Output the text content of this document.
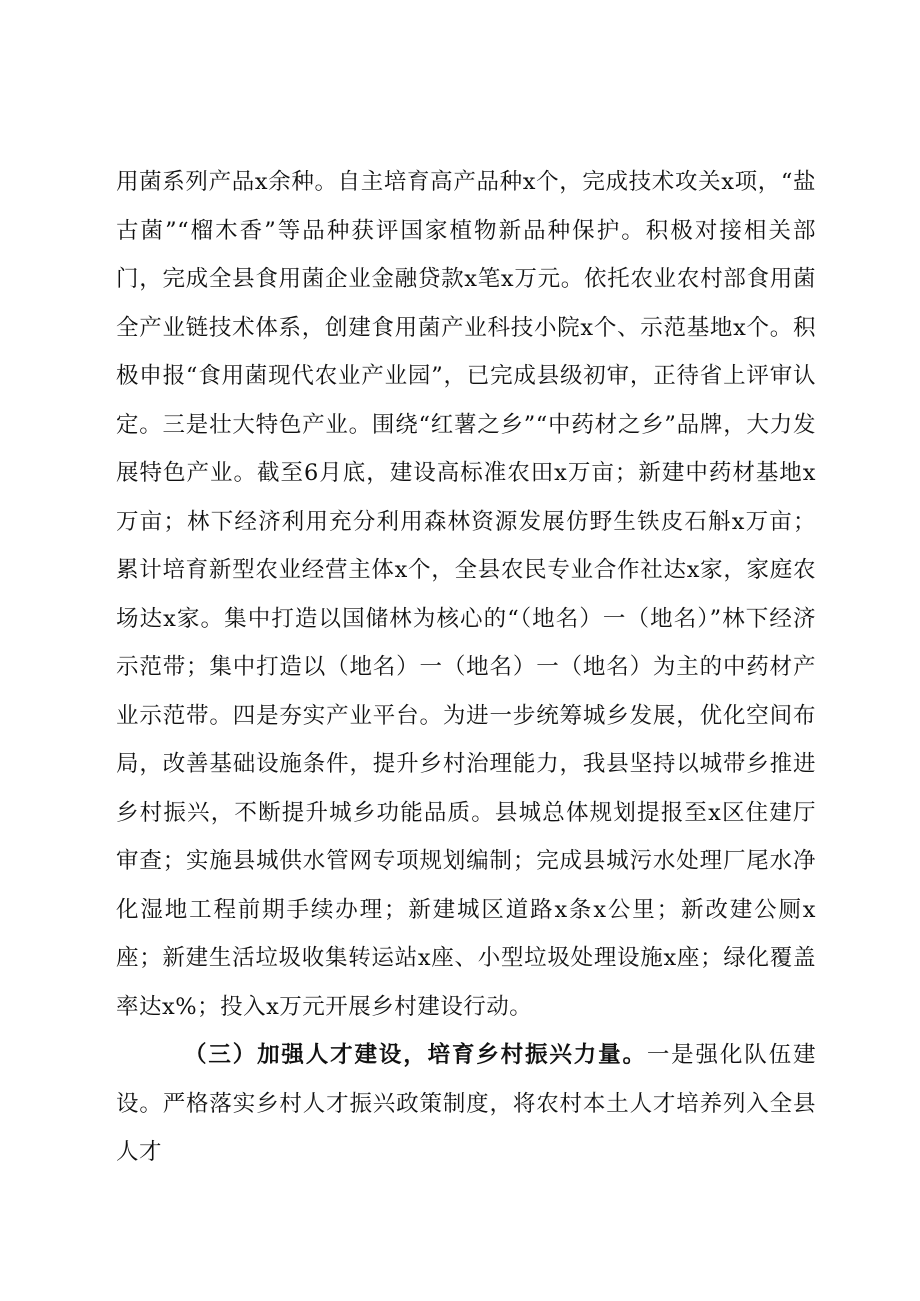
用菌系列产品x余种。自主培育高产品种x个，完成技术攻关x项，“盐古菌”“榴木香”等品种获评国家植物新品种保护。积极对接相关部门，完成全县食用菌企业金融贷款x笔x万元。依托农业农村部食用菌全产业链技术体系，创建食用菌产业科技小院x个、示范基地x个。积极申报“食用菌现代农业产业园”，已完成县级初审，正待省上评审认定。三是壮大特色产业。围绕“红薯之乡”“中药材之乡”品牌，大力发展特色产业。截至6月底，建设高标准农田x万亩；新建中药材基地x万亩；林下经济利用充分利用森林资源发展仿野生铁皮石斛x万亩；累计培育新型农业经营主体x个，全县农民专业合作社达x家，家庭农场达x家。集中打造以国储林为核心的“（地名）一（地名）”林下经济示范带；集中打造以（地名）一（地名）一（地名）为主的中药材产业示范带。四是夯实产业平台。为进一步统筹城乡发展，优化空间布局，改善基础设施条件，提升乡村治理能力，我县坚持以城带乡推进乡村振兴，不断提升城乡功能品质。县城总体规划提报至x区住建厅审查；实施县城供水管网专项规划编制；完成县城污水处理厂尾水净化湿地工程前期手续办理；新建城区道路x条x公里；新改建公厕x座；新建生活垃圾收集转运站x座、小型垃圾处理设施x座；绿化覆盖率达x%；投入x万元开展乡村建设行动。

（三）加强人才建设，培育乡村振兴力量。一是强化队伍建设。严格落实乡村人才振兴政策制度，将农村本土人才培养列入全县人才
